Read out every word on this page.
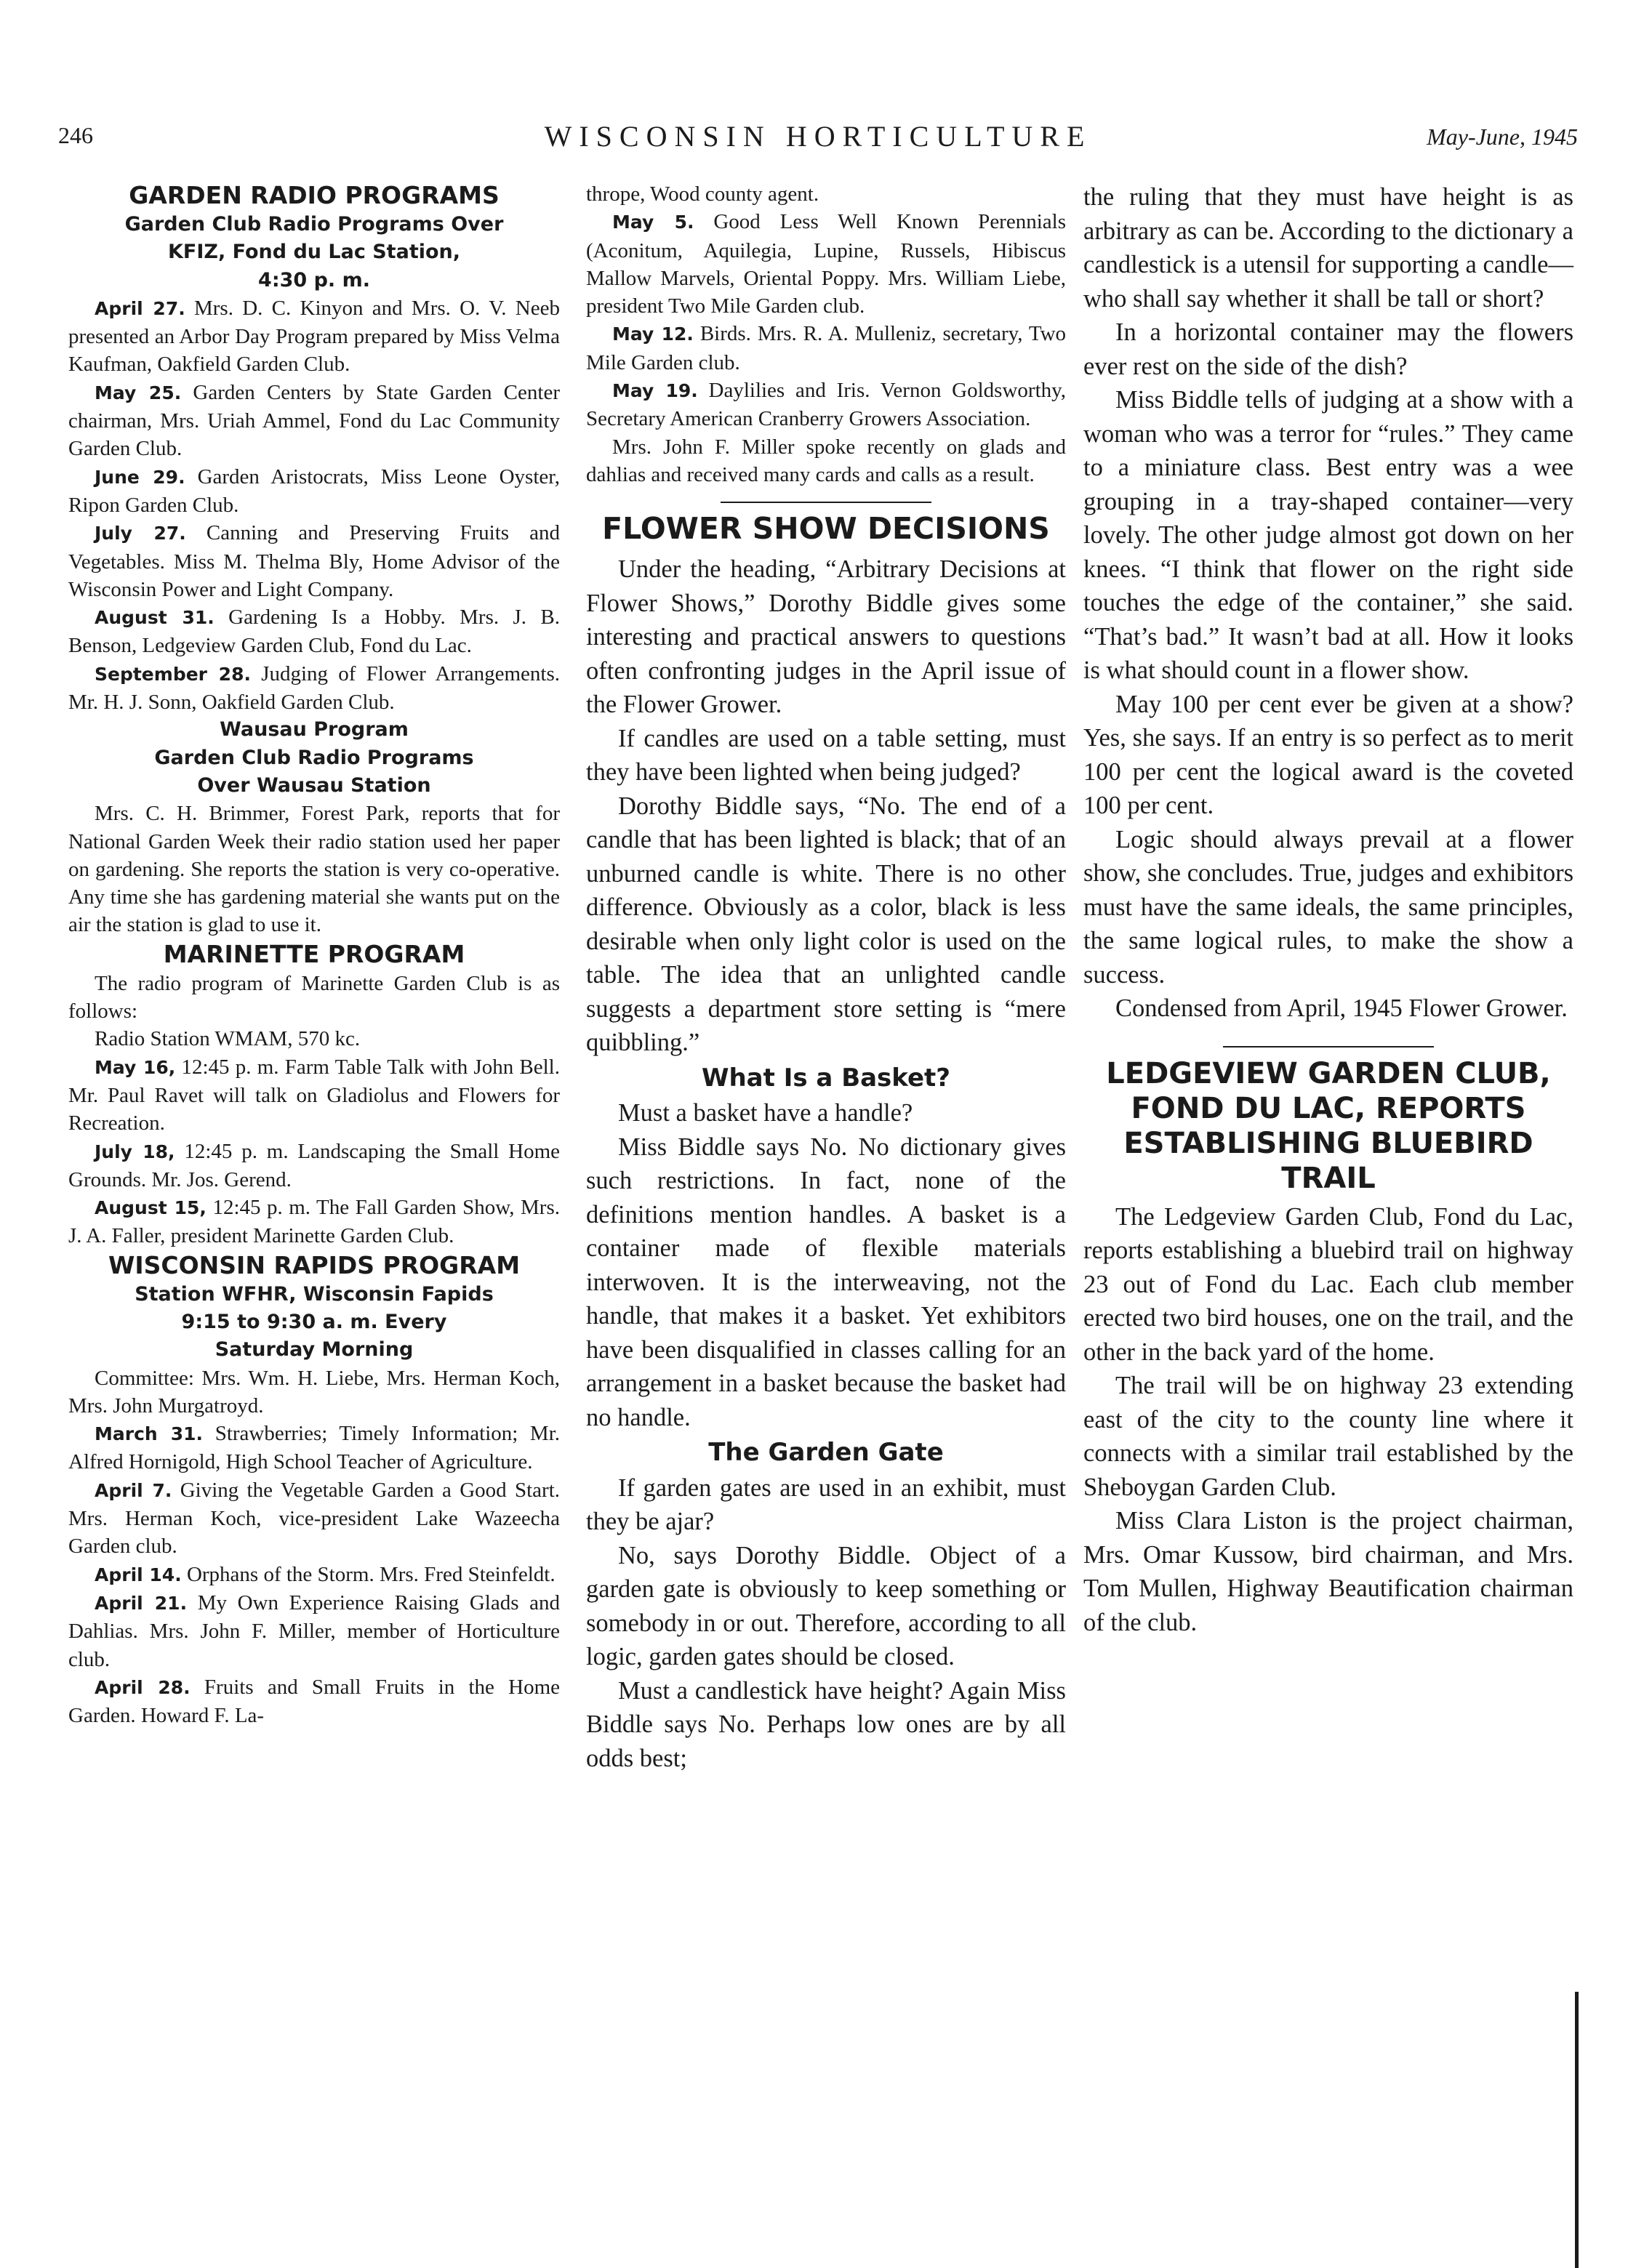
246	WISCONSIN HORTICULTURE	May-June, 1945
GARDEN RADIO PROGRAMS
Garden Club Radio Programs Over
KFIZ, Fond du Lac Station,
4:30 p. m.

April 27. Mrs. D. C. Kinyon and Mrs. O. V. Neeb presented an Arbor Day Program prepared by Miss Velma Kaufman, Oakfield Garden Club.

May 25. Garden Centers by State Garden Center chairman, Mrs. Uriah Ammel, Fond du Lac Community Garden Club.

June 29. Garden Aristocrats, Miss Leone Oyster, Ripon Garden Club.

July 27. Canning and Preserving Fruits and Vegetables. Miss M. Thelma Bly, Home Advisor of the Wisconsin Power and Light Company.

August 31. Gardening Is a Hobby. Mrs. J. B. Benson, Ledgeview Garden Club, Fond du Lac.

September 28. Judging of Flower Arrangements. Mr. H. J. Sonn, Oakfield Garden Club.

Wausau Program
Garden Club Radio Programs
Over Wausau Station

Mrs. C. H. Brimmer, Forest Park, reports that for National Garden Week their radio station used her paper on gardening. She reports the station is very co-operative. Any time she has gardening material she wants put on the air the station is glad to use it.

MARINETTE PROGRAM

The radio program of Marinette Garden Club is as follows:

Radio Station WMAM, 570 kc.

May 16, 12:45 p. m. Farm Table Talk with John Bell. Mr. Paul Ravet will talk on Gladiolus and Flowers for Recreation.

July 18, 12:45 p. m. Landscaping the Small Home Grounds. Mr. Jos. Gerend.

August 15, 12:45 p. m. The Fall Garden Show, Mrs. J. A. Faller, president Marinette Garden Club.

WISCONSIN RAPIDS PROGRAM
Station WFHR, Wisconsin Fapids
9:15 to 9:30 a. m. Every
Saturday Morning

Committee: Mrs. Wm. H. Liebe, Mrs. Herman Koch, Mrs. John Murgatroyd.

March 31. Strawberries; Timely Information; Mr. Alfred Hornigold, High School Teacher of Agriculture.

April 7. Giving the Vegetable Garden a Good Start. Mrs. Herman Koch, vice-president Lake Wazeecha Garden club.

April 14. Orphans of the Storm. Mrs. Fred Steinfeldt.

April 21. My Own Experience Raising Glads and Dahlias. Mrs. John F. Miller, member of Horticulture club.

April 28. Fruits and Small Fruits in the Home Garden. Howard F. La-

thrope, Wood county agent.

May 5. Good Less Well Known Perennials (Aconitum, Aquilegia, Lupine, Russels, Hibiscus Mallow Marvels, Oriental Poppy. Mrs. William Liebe, president Two Mile Garden club.

May 12. Birds. Mrs. R. A. Mulleniz, secretary, Two Mile Garden club.

May 19. Daylilies and Iris. Vernon Goldsworthy, Secretary American Cranberry Growers Association.

Mrs. John F. Miller spoke recently on glads and dahlias and received many cards and calls as a result.

FLOWER SHOW DECISIONS

Under the heading, “Arbitrary Decisions at Flower Shows,” Dorothy Biddle gives some interesting and practical answers to questions often confronting judges in the April issue of the Flower Grower.

If candles are used on a table setting, must they have been lighted when being judged?

Dorothy Biddle says, “No. The end of a candle that has been lighted is black; that of an unburned candle is white. There is no other difference. Obviously as a color, black is less desirable when only light color is used on the table. The idea that an unlighted candle suggests a department store setting is “mere quibbling.”

What Is a Basket?

Must a basket have a handle?

Miss Biddle says No. No dictionary gives such restrictions. In fact, none of the definitions mention handles. A basket is a container made of flexible materials interwoven. It is the interweaving, not the handle, that makes it a basket. Yet exhibitors have been disqualified in classes calling for an arrangement in a basket because the basket had no handle.

The Garden Gate

If garden gates are used in an exhibit, must they be ajar?

No, says Dorothy Biddle. Object of a garden gate is obviously to keep something or somebody in or out. Therefore, according to all logic, garden gates should be closed.

Must a candlestick have height? Again Miss Biddle says No. Perhaps low ones are by all odds best;

the ruling that they must have height is as arbitrary as can be. According to the dictionary a candlestick is a utensil for supporting a candle—who shall say whether it shall be tall or short?

In a horizontal container may the flowers ever rest on the side of the dish?

Miss Biddle tells of judging at a show with a woman who was a terror for “rules.” They came to a miniature class. Best entry was a wee grouping in a tray-shaped container—very lovely. The other judge almost got down on her knees. “I think that flower on the right side touches the edge of the container,” she said. “That’s bad.” It wasn’t bad at all. How it looks is what should count in a flower show.

May 100 per cent ever be given at a show? Yes, she says. If an entry is so perfect as to merit 100 per cent the logical award is the coveted 100 per cent.

Logic should always prevail at a flower show, she concludes. True, judges and exhibitors must have the same ideals, the same principles, the same logical rules, to make the show a success.

Condensed from April, 1945 Flower Grower.

LEDGEVIEW GARDEN CLUB, FOND DU LAC, REPORTS ESTABLISHING BLUEBIRD TRAIL

The Ledgeview Garden Club, Fond du Lac, reports establishing a bluebird trail on highway 23 out of Fond du Lac. Each club member erected two bird houses, one on the trail, and the other in the back yard of the home.

The trail will be on highway 23 extending east of the city to the county line where it connects with a similar trail established by the Sheboygan Garden Club.

Miss Clara Liston is the project chairman, Mrs. Omar Kussow, bird chairman, and Mrs. Tom Mullen, Highway Beautification chairman of the club.
